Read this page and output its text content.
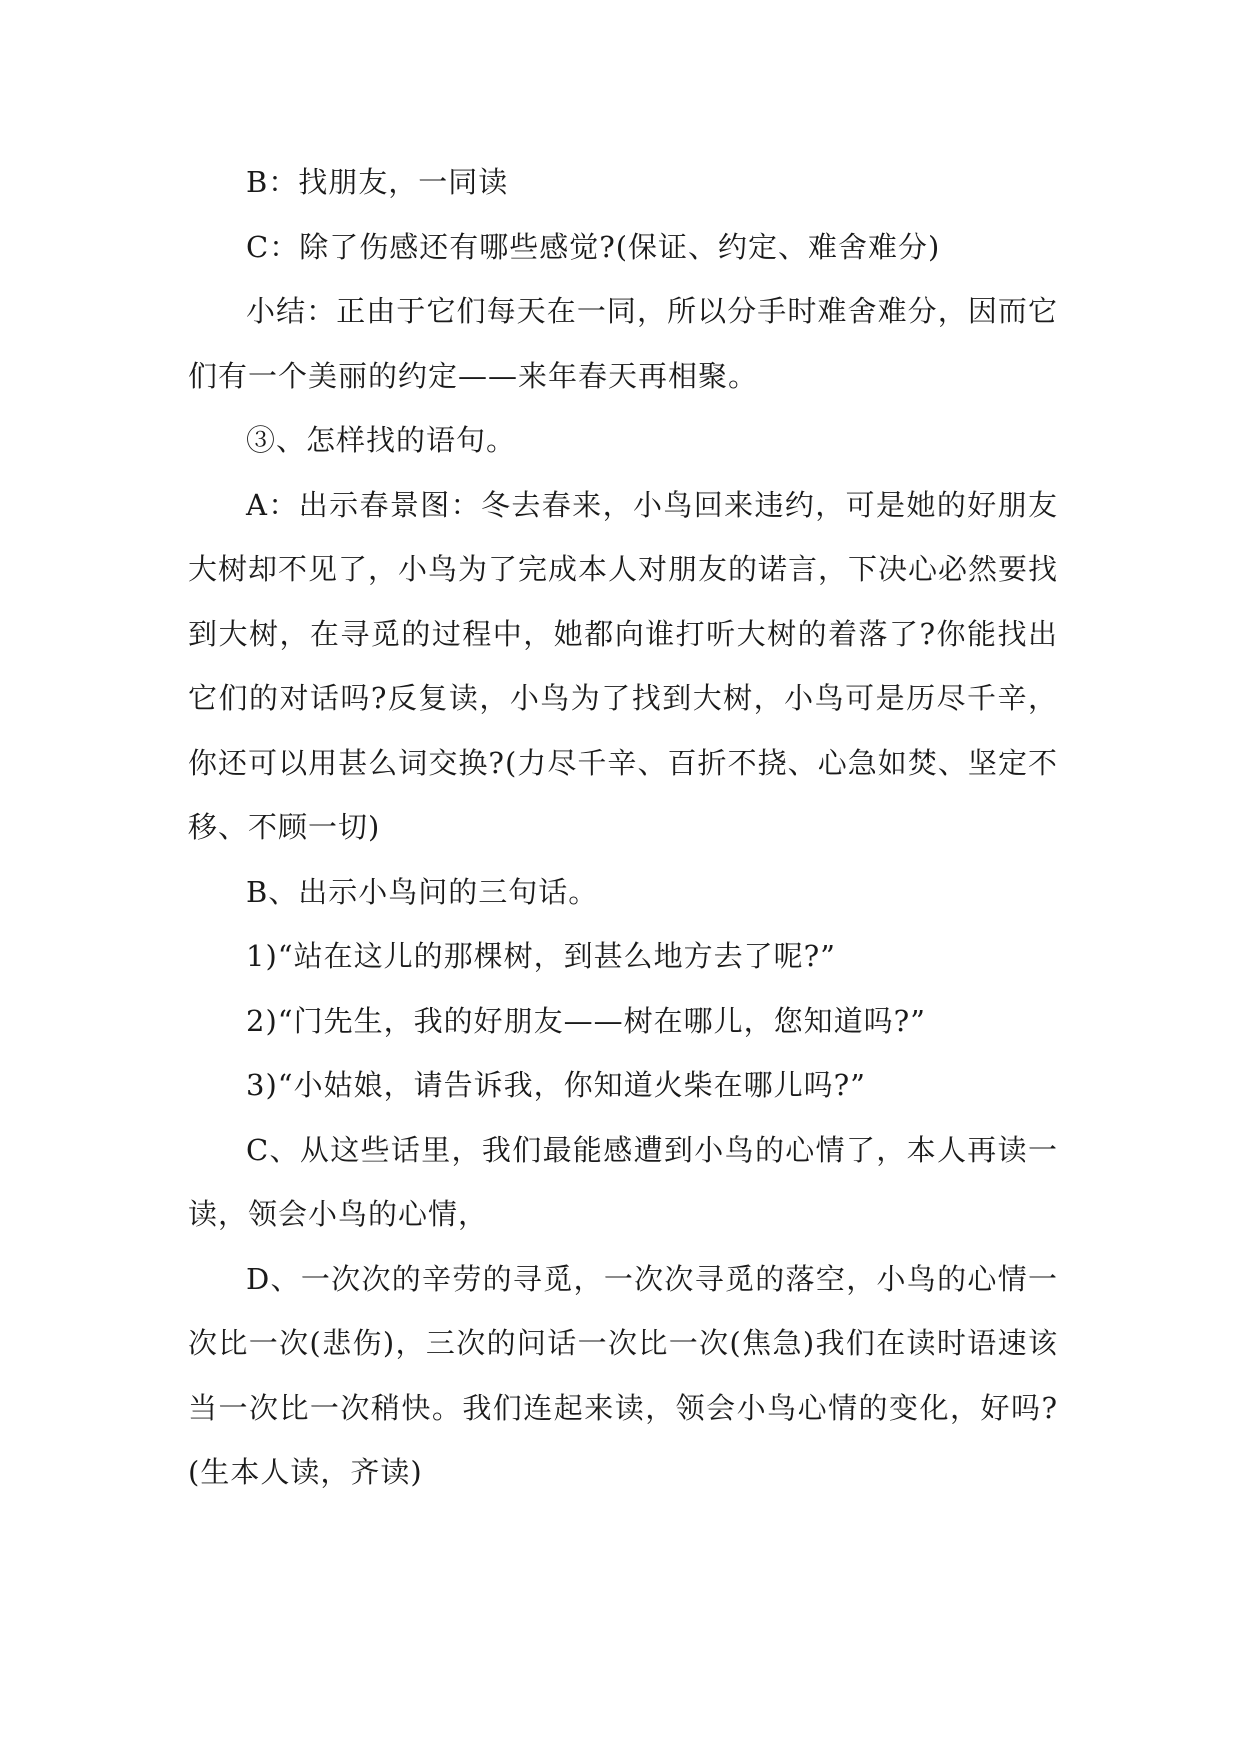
B：找朋友，一同读

C：除了伤感还有哪些感觉?(保证、约定、难舍难分)

小结：正由于它们每天在一同，所以分手时难舍难分，因而它们有一个美丽的约定——来年春天再相聚。

③、怎样找的语句。

A：出示春景图：冬去春来，小鸟回来违约，可是她的好朋友大树却不见了，小鸟为了完成本人对朋友的诺言，下决心必然要找到大树，在寻觅的过程中，她都向谁打听大树的着落了?你能找出它们的对话吗?反复读，小鸟为了找到大树，小鸟可是历尽千辛，你还可以用甚么词交换?(力尽千辛、百折不挠、心急如焚、坚定不移、不顾一切)

B、出示小鸟问的三句话。

1)“站在这儿的那棵树，到甚么地方去了呢?”

2)“门先生，我的好朋友——树在哪儿，您知道吗?”

3)“小姑娘，请告诉我，你知道火柴在哪儿吗?”

C、从这些话里，我们最能感遭到小鸟的心情了，本人再读一读，领会小鸟的心情，

D、一次次的辛劳的寻觅，一次次寻觅的落空，小鸟的心情一次比一次(悲伤)，三次的问话一次比一次(焦急)我们在读时语速该当一次比一次稍快。我们连起来读，领会小鸟心情的变化，好吗?(生本人读，齐读)
